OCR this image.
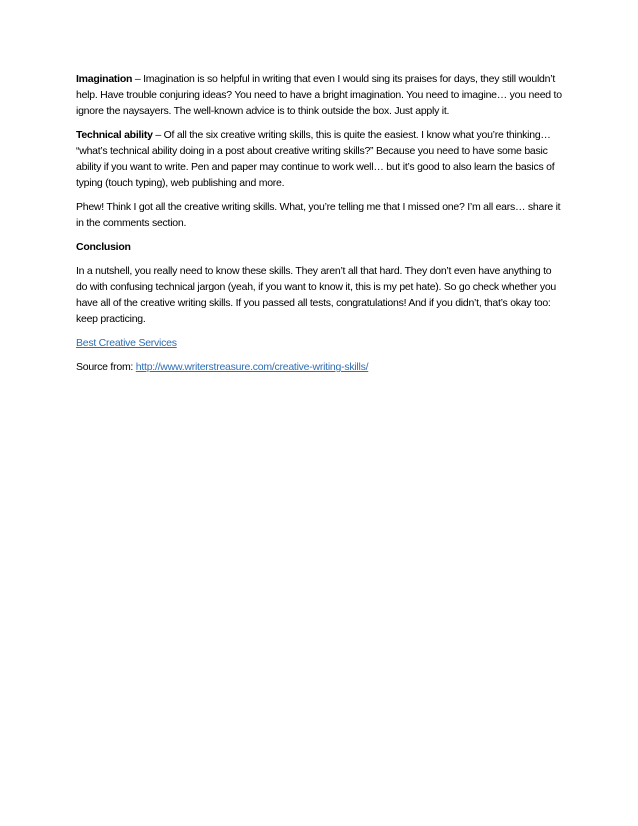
Imagination – Imagination is so helpful in writing that even I would sing its praises for days, they still wouldn’t help. Have trouble conjuring ideas? You need to have a bright imagination. You need to imagine… you need to ignore the naysayers. The well-known advice is to think outside the box. Just apply it.

Technical ability – Of all the six creative writing skills, this is quite the easiest. I know what you’re thinking… “what’s technical ability doing in a post about creative writing skills?” Because you need to have some basic ability if you want to write. Pen and paper may continue to work well… but it’s good to also learn the basics of typing (touch typing), web publishing and more.

Phew! Think I got all the creative writing skills. What, you’re telling me that I missed one? I’m all ears… share it in the comments section.

Conclusion

In a nutshell, you really need to know these skills. They aren’t all that hard. They don’t even have anything to do with confusing technical jargon (yeah, if you want to know it, this is my pet hate). So go check whether you have all of the creative writing skills. If you passed all tests, congratulations! And if you didn’t, that’s okay too: keep practicing.

Best Creative Services

Source from: http://www.writerstreasure.com/creative-writing-skills/
